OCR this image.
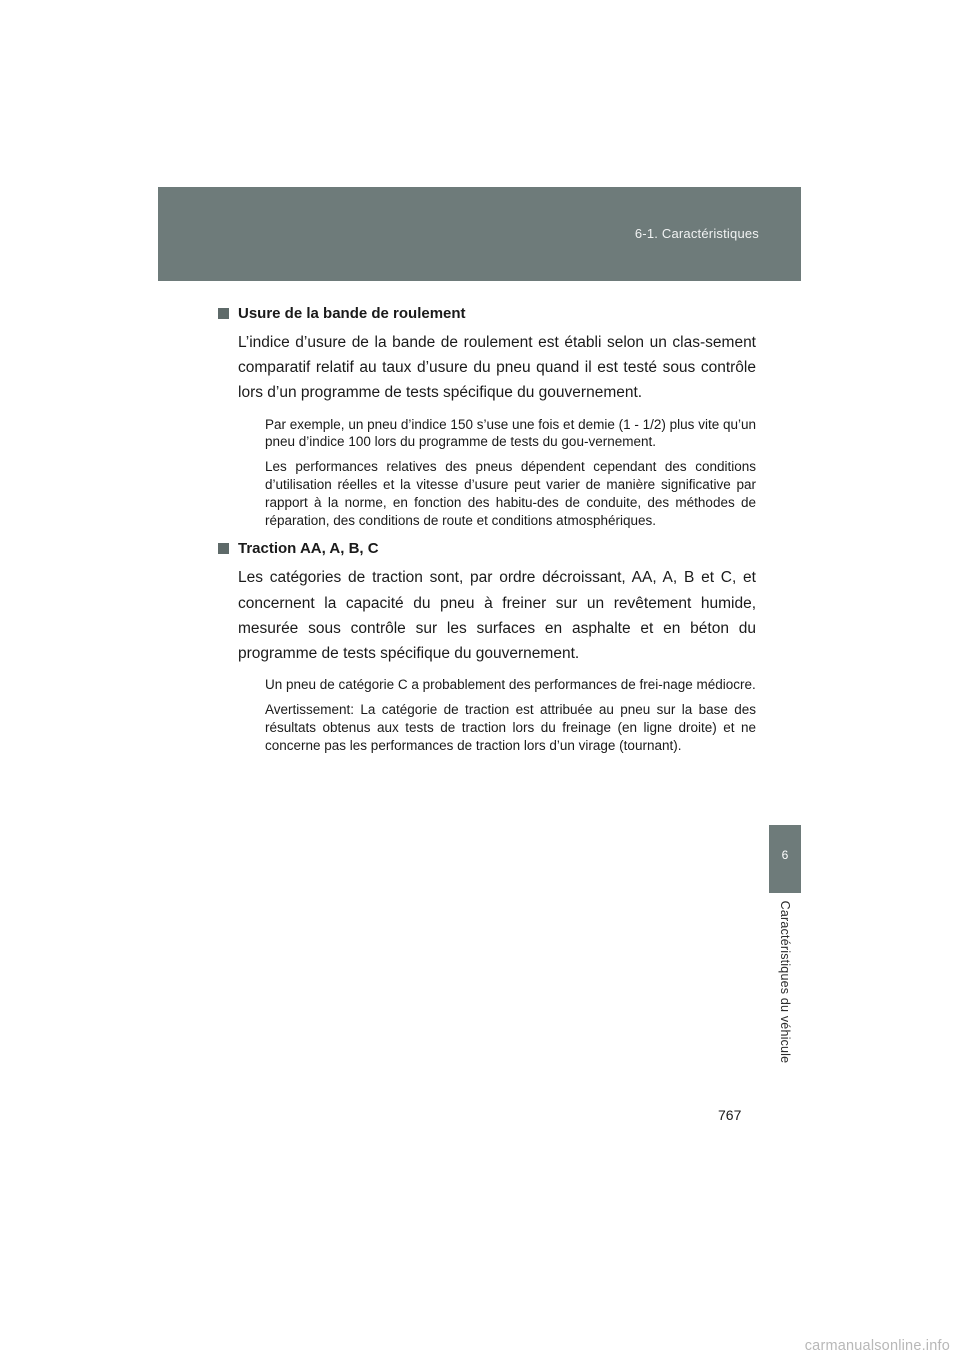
6-1. Caractéristiques
6
Caractéristiques du véhicule
Usure de la bande de roulement

L’indice d’usure de la bande de roulement est établi selon un clas-sement comparatif relatif au taux d’usure du pneu quand il est testé sous contrôle lors d’un programme de tests spécifique du gouvernement.

Par exemple, un pneu d’indice 150 s’use une fois et demie (1 - 1/2) plus vite qu’un pneu d’indice 100 lors du programme de tests du gou-vernement.

Les performances relatives des pneus dépendent cependant des conditions d’utilisation réelles et la vitesse d’usure peut varier de manière significative par rapport à la norme, en fonction des habitu-des de conduite, des méthodes de réparation, des conditions de route et conditions atmosphériques.

Traction AA, A, B, C

Les catégories de traction sont, par ordre décroissant, AA, A, B et C, et concernent la capacité du pneu à freiner sur un revêtement humide, mesurée sous contrôle sur les surfaces en asphalte et en béton du programme de tests spécifique du gouvernement.

Un pneu de catégorie C a probablement des performances de frei-nage médiocre.

Avertissement: La catégorie de traction est attribuée au pneu sur la base des résultats obtenus aux tests de traction lors du freinage (en ligne droite) et ne concerne pas les performances de traction lors d’un virage (tournant).

767
carmanualsonline.info
